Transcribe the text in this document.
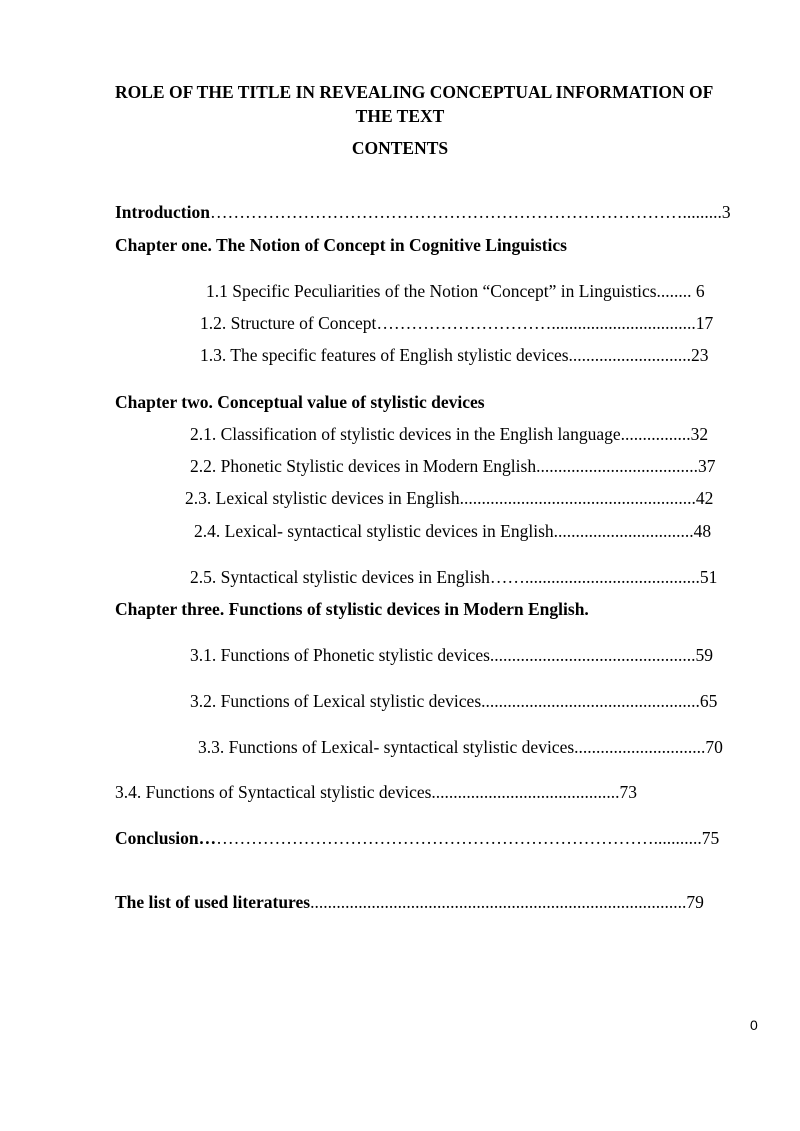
ROLE OF THE TITLE IN REVEALING CONCEPTUAL INFORMATION OF
THE TEXT
CONTENTS
Introduction……………………………………………………………………….........3
Chapter one. The Notion of Concept in Cognitive Linguistics
1.1 Specific Peculiarities of the Notion “Concept” in Linguistics........ 6
1.2. Structure of Concept………………………….................................17
1.3. The specific features of English stylistic devices............................23
Chapter two. Conceptual value of stylistic devices
2.1. Classification of stylistic devices in the English language................32
2.2. Phonetic Stylistic devices in Modern English.....................................37
2.3. Lexical stylistic devices in English......................................................42
2.4. Lexical- syntactical stylistic devices in English................................48
2.5. Syntactical stylistic devices in English……........................................51
Chapter three. Functions of stylistic devices in Modern English.
3.1. Functions of Phonetic stylistic devices...............................................59
3.2. Functions of Lexical stylistic devices..................................................65
3.3. Functions of Lexical- syntactical stylistic devices..............................70
3.4. Functions of Syntactical stylistic devices...........................................73
Conclusion……………………………………………………………………...........75
The list of used literatures......................................................................................79
0
